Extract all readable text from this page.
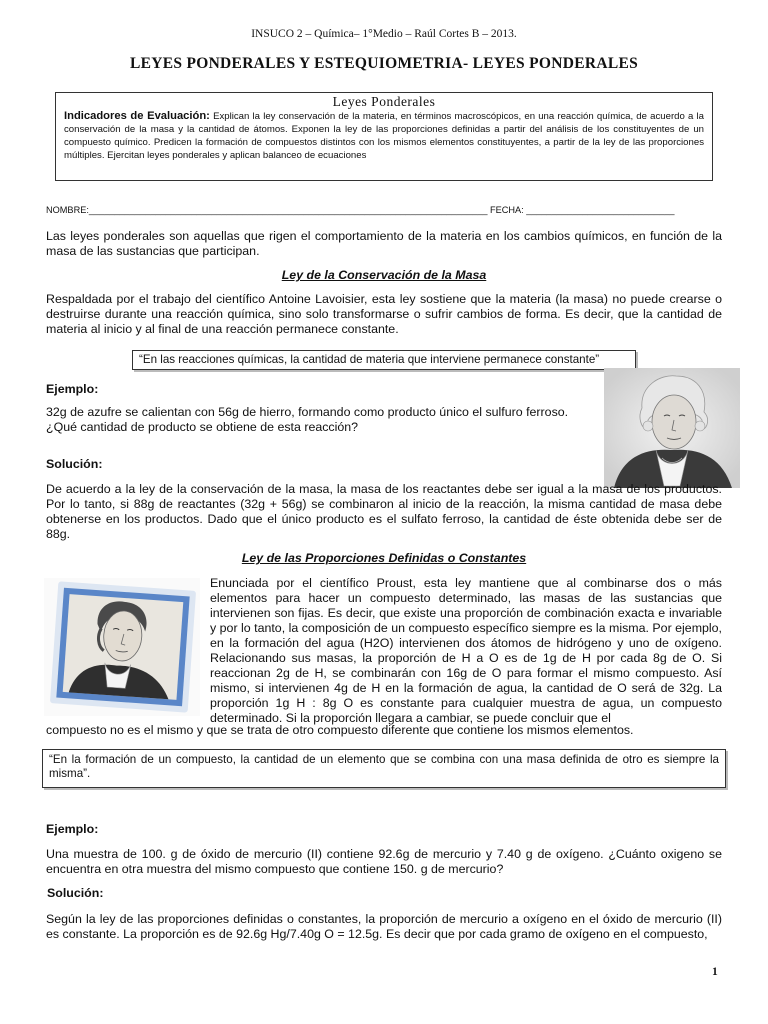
INSUCO 2 – Química– 1°Medio – Raúl Cortes B – 2013.
LEYES PONDERALES Y ESTEQUIOMETRIA- LEYES PONDERALES
Leyes Ponderales
Indicadores de Evaluación: Explican la ley conservación de la materia, en términos macroscópicos, en una reacción química, de acuerdo a la conservación de la masa y la cantidad de átomos. Exponen la ley de las proporciones definidas a partir del análisis de los constituyentes de un compuesto químico. Predicen la formación de compuestos distintos con los mismos elementos constituyentes, a partir de la ley de las proporciones múltiples. Ejercitan leyes ponderales y aplican balanceo de ecuaciones
NOMBRE:______________________________________________________________________________ FECHA: _____________________________

Las leyes ponderales son aquellas que rigen el comportamiento de la materia en los cambios químicos, en función de la masa de las sustancias que participan.

Ley de la Conservación de la Masa

Respaldada por el trabajo del científico Antoine Lavoisier, esta ley sostiene que la materia (la masa) no puede crearse o destruirse durante una reacción química, sino solo transformarse o sufrir cambios de forma. Es decir, que la cantidad de materia al inicio y al final de una reacción permanece constante.

“En las reacciones químicas, la cantidad de materia que interviene permanece constante”
Ejemplo:
32g de azufre se calientan con 56g de hierro, formando como producto único el sulfuro ferroso.
¿Qué cantidad de producto se obtiene de esta reacción?
Solución:

De acuerdo a la ley de la conservación de la masa, la masa de los reactantes debe ser igual a la masa de los productos. Por lo tanto, si 88g de reactantes (32g + 56g) se combinaron al inicio de la reacción, la misma cantidad de masa debe obtenerse en los productos. Dado que el único producto es el sulfato ferroso, la cantidad de éste obtenida debe ser de 88g.

Ley de las Proporciones Definidas o Constantes

Enunciada por el científico Proust, esta ley mantiene que al combinarse dos o más elementos para hacer un compuesto determinado, las masas de las sustancias que intervienen son fijas. Es decir, que existe una proporción de combinación exacta e invariable y por lo tanto, la composición de un compuesto específico siempre es la misma. Por ejemplo, en la formación del agua (H2O) intervienen dos átomos de hidrógeno y uno de oxígeno. Relacionando sus masas, la proporción de H a O es de 1g de H por cada 8g de O. Si reaccionan 2g de H, se combinarán con 16g de O para formar el mismo compuesto. Así mismo, si intervienen 4g de H en la formación de agua, la cantidad de O será de 32g. La proporción 1g H : 8g O es constante para cualquier muestra de agua, un compuesto determinado. Si la proporción llegara a cambiar, se puede concluir que el

compuesto no es el mismo y que se trata de otro compuesto diferente que contiene los mismos elementos.

“En la formación de un compuesto, la cantidad de un elemento que se combina con una masa definida de otro es siempre la misma”.
Ejemplo:

Una muestra de 100. g de óxido de mercurio (II) contiene 92.6g de mercurio y 7.40 g de oxígeno. ¿Cuánto oxigeno se encuentra en otra muestra del mismo compuesto que contiene 150. g de mercurio?

Solución:

Según la ley de las proporciones definidas o constantes, la proporción de mercurio a oxígeno en el óxido de mercurio (II) es constante. La proporción es de 92.6g Hg/7.40g O = 12.5g. Es decir que por cada gramo de oxígeno en el compuesto,

1
